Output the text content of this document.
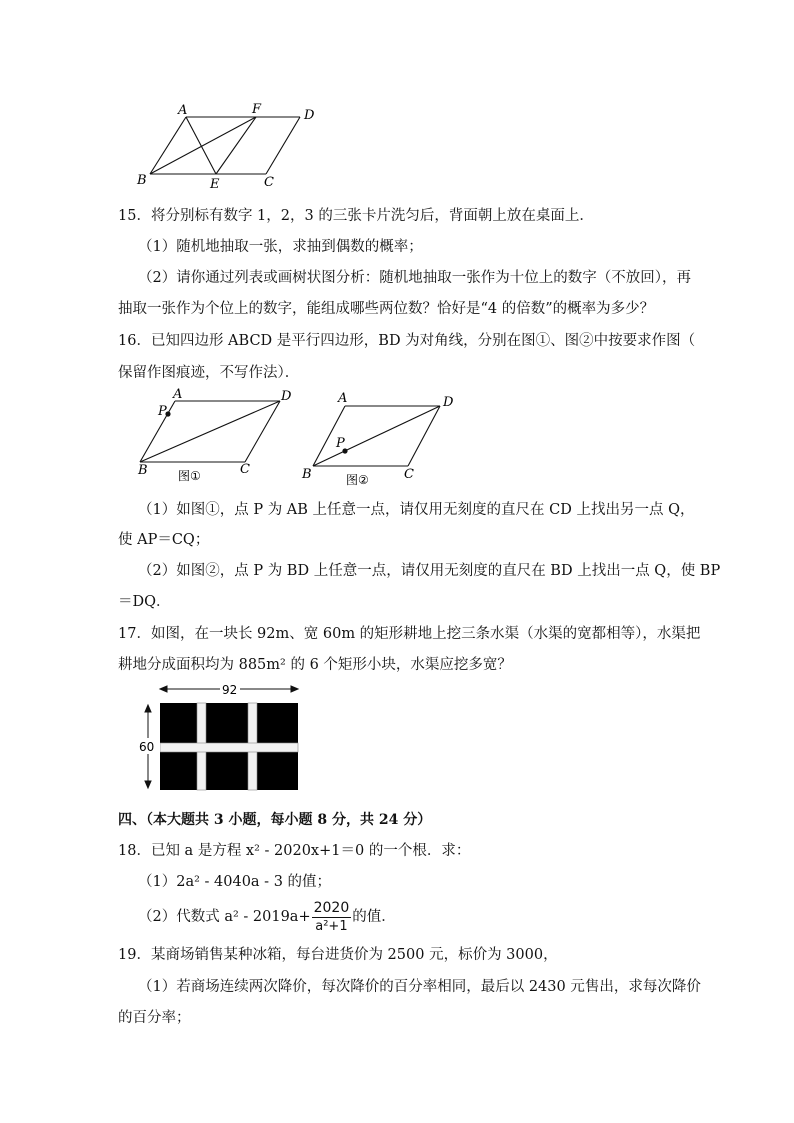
A	F	D
B	E	C
15．将分别标有数字 1，2，3 的三张卡片洗匀后，背面朝上放在桌面上．
（1）随机地抽取一张，求抽到偶数的概率；
（2）请你通过列表或画树状图分析：随机地抽取一张作为十位上的数字（不放回），再
抽取一张作为个位上的数字，能组成哪些两位数？恰好是“4 的倍数”的概率为多少？
16．已知四边形 ABCD 是平行四边形，BD 为对角线，分别在图①、图②中按要求作图（
保留作图痕迹，不写作法）．
A	D
P
B	C
图①
A	D
P
B	C
图②
（1）如图①，点 P 为 AB 上任意一点，请仅用无刻度的直尺在 CD 上找出另一点 Q，
使 AP＝CQ；
（2）如图②，点 P 为 BD 上任意一点，请仅用无刻度的直尺在 BD 上找出一点 Q，使 BP
＝DQ．
17．如图，在一块长 92m、宽 60m 的矩形耕地上挖三条水渠（水渠的宽都相等），水渠把
耕地分成面积均为 885m² 的 6 个矩形小块，水渠应挖多宽？
92
60
四、（本大题共 3 小题，每小题 8 分，共 24 分）
18．已知 a 是方程 x² - 2020x+1＝0 的一个根．求：
（1）2a² - 4040a - 3 的值；
（2）代数式 $a^2 - 2019a+ \frac{2020}{\text{a²+1}}$ 的值．
19．某商场销售某种冰箱，每台进货价为 2500 元，标价为 3000，
（1）若商场连续两次降价，每次降价的百分率相同，最后以 2430 元售出，求每次降价
的百分率；
